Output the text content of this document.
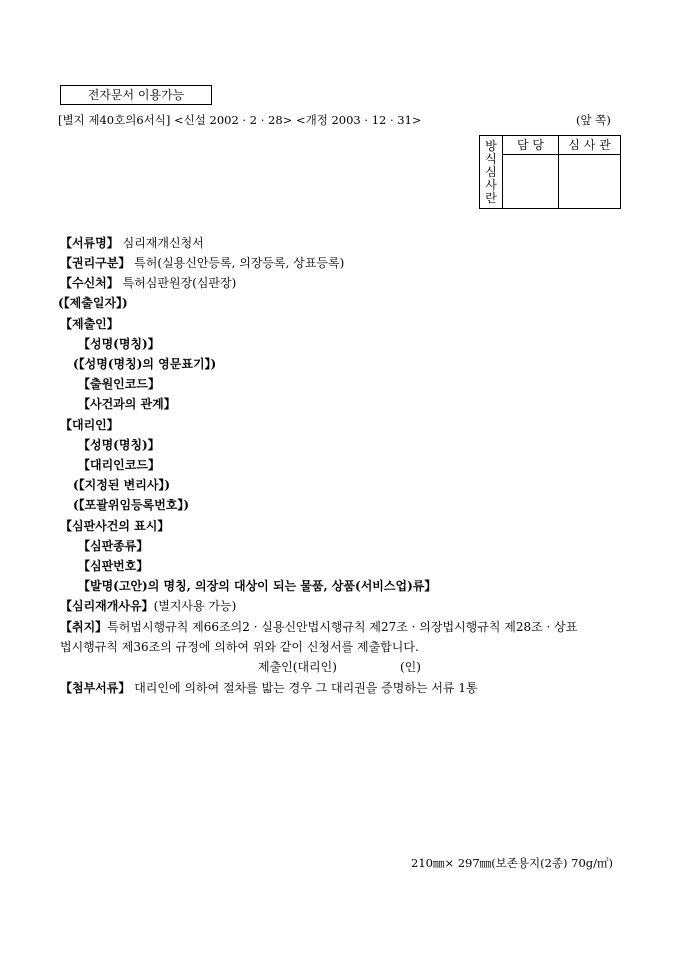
전자문서 이용가능
[별지 제40호의6서식] <신설 2002 · 2 · 28> <개정 2003 · 12 · 31>	(앞 쪽)
방
식
심
사
란	담 당	심 사 관

【서류명】 심리재개신청서
【권리구분】 특허(실용신안등록, 의장등록, 상표등록)
【수신처】 특허심판원장(심판장)
(【제출일자】)
【제출인】
【성명(명칭)】
(【성명(명칭)의 영문표기】)
【출원인코드】
【사건과의 관계】
【대리인】
【성명(명칭)】
【대리인코드】
(【지정된 변리사】)
(【포괄위임등록번호】)
【심판사건의 표시】
【심판종류】
【심판번호】
【발명(고안)의 명칭, 의장의 대상이 되는 물품, 상품(서비스업)류】
【심리재개사유】(별지사용 가능)
【취지】특허법시행규칙 제66조의2 · 실용신안법시행규칙 제27조 · 의장법시행규칙 제28조 · 상표
법시행규칙 제36조의 규정에 의하여 위와 같이 신청서를 제출합니다.
제출인(대리인)	(인)
【첨부서류】 대리인에 의하여 절차를 밟는 경우 그 대리권을 증명하는 서류 1통
210㎜× 297㎜(보존용지(2종) 70g/㎡)
